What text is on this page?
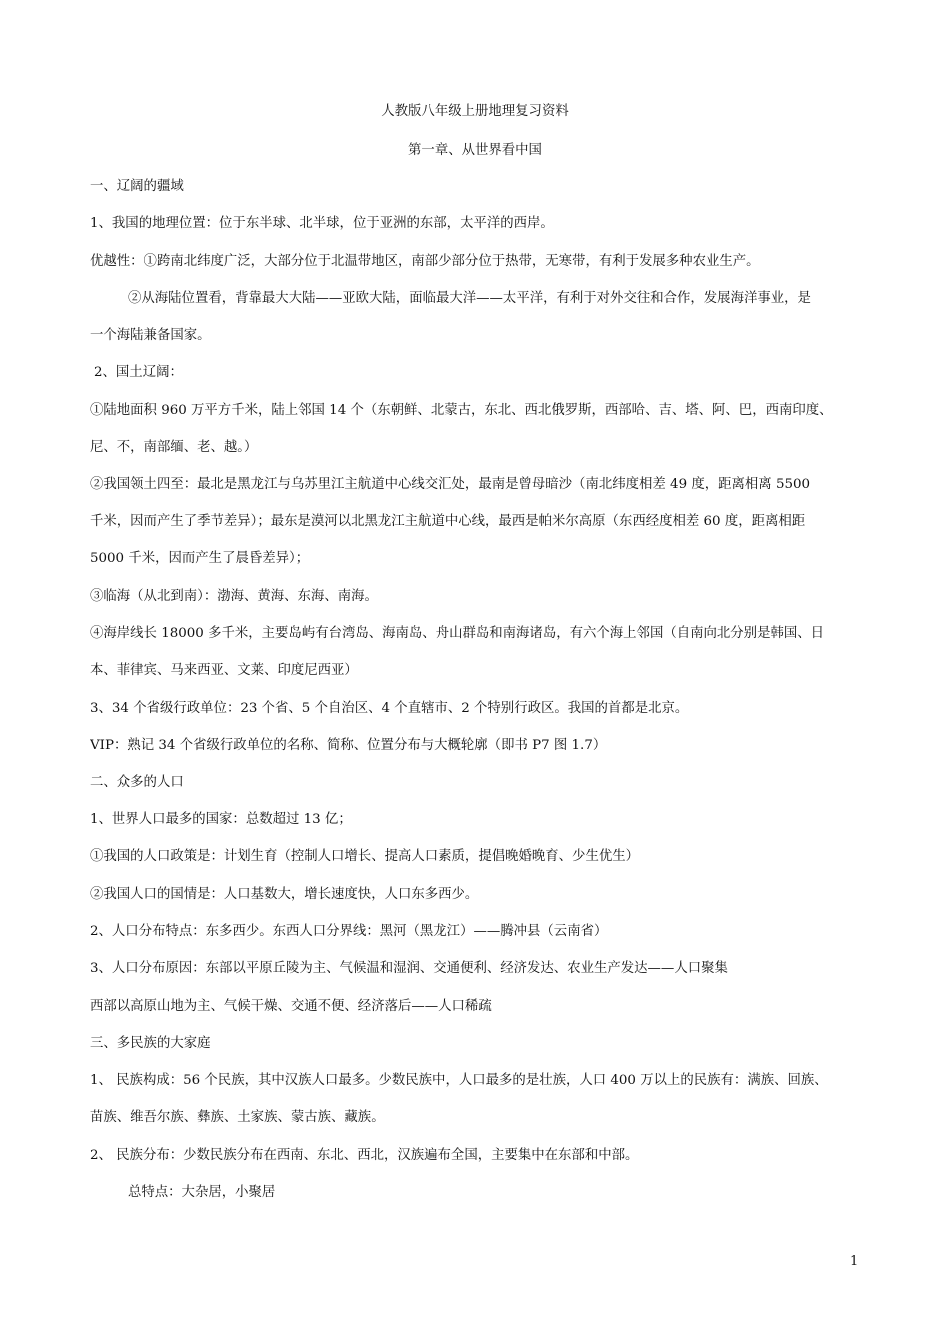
人教版八年级上册地理复习资料
第一章、从世界看中国
一、辽阔的疆域
1、我国的地理位置：位于东半球、北半球，位于亚洲的东部，太平洋的西岸。
优越性：①跨南北纬度广泛，大部分位于北温带地区，南部少部分位于热带，无寒带，有利于发展多种农业生产。
②从海陆位置看，背靠最大大陆——亚欧大陆，面临最大洋——太平洋，有利于对外交往和合作，发展海洋事业，是
一个海陆兼备国家。
2、国土辽阔：
①陆地面积 960 万平方千米，陆上邻国 14 个（东朝鲜、北蒙古，东北、西北俄罗斯，西部哈、吉、塔、阿、巴，西南印度、
尼、不，南部缅、老、越。）
②我国领土四至：最北是黑龙江与乌苏里江主航道中心线交汇处，最南是曾母暗沙（南北纬度相差 49 度，距离相离 5500
千米，因而产生了季节差异）；最东是漠河以北黑龙江主航道中心线，最西是帕米尔高原（东西经度相差 60 度，距离相距
5000 千米，因而产生了晨昏差异）；
③临海（从北到南）：渤海、黄海、东海、南海。
④海岸线长 18000 多千米，主要岛屿有台湾岛、海南岛、舟山群岛和南海诸岛，有六个海上邻国（自南向北分别是韩国、日
本、菲律宾、马来西亚、文莱、印度尼西亚）
3、34 个省级行政单位：23 个省、5 个自治区、4 个直辖市、2 个特别行政区。我国的首都是北京。
VIP：熟记 34 个省级行政单位的名称、简称、位置分布与大概轮廓（即书 P7 图 1.7）
二、众多的人口
1、世界人口最多的国家：总数超过 13 亿；
①我国的人口政策是：计划生育（控制人口增长、提高人口素质，提倡晚婚晚育、少生优生）
②我国人口的国情是：人口基数大，增长速度快，人口东多西少。
2、人口分布特点：东多西少。东西人口分界线：黑河（黑龙江）——腾冲县（云南省）
3、人口分布原因：东部以平原丘陵为主、气候温和湿润、交通便利、经济发达、农业生产发达——人口聚集
西部以高原山地为主、气候干燥、交通不便、经济落后——人口稀疏
三、多民族的大家庭
1、 民族构成：56 个民族，其中汉族人口最多。少数民族中，人口最多的是壮族，人口 400 万以上的民族有：满族、回族、
苗族、维吾尔族、彝族、土家族、蒙古族、藏族。
2、 民族分布：少数民族分布在西南、东北、西北，汉族遍布全国，主要集中在东部和中部。
总特点：大杂居，小聚居
1
